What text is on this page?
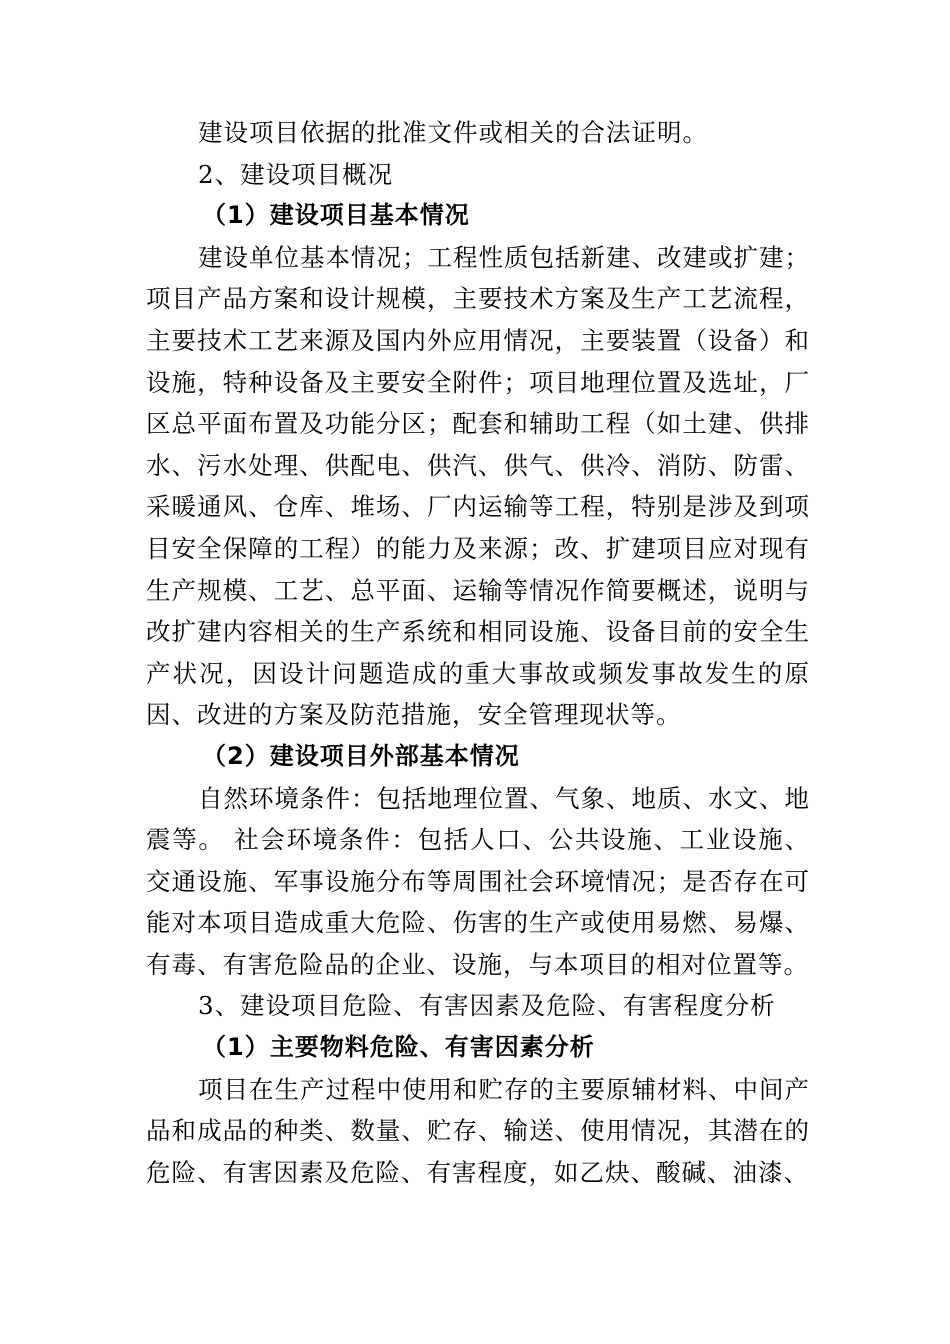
建设项目依据的批准文件或相关的合法证明。

2、建设项目概况

（1）建设项目基本情况

建设单位基本情况；工程性质包括新建、改建或扩建；项目产品方案和设计规模，主要技术方案及生产工艺流程，主要技术工艺来源及国内外应用情况，主要装置（设备）和设施，特种设备及主要安全附件；项目地理位置及选址，厂区总平面布置及功能分区；配套和辅助工程（如土建、供排水、污水处理、供配电、供汽、供气、供冷、消防、防雷、采暖通风、仓库、堆场、厂内运输等工程，特别是涉及到项目安全保障的工程）的能力及来源；改、扩建项目应对现有生产规模、工艺、总平面、运输等情况作简要概述，说明与改扩建内容相关的生产系统和相同设施、设备目前的安全生产状况，因设计问题造成的重大事故或频发事故发生的原因、改进的方案及防范措施，安全管理现状等。

（2）建设项目外部基本情况

自然环境条件：包括地理位置、气象、地质、水文、地震等。 社会环境条件：包括人口、公共设施、工业设施、交通设施、军事设施分布等周围社会环境情况；是否存在可能对本项目造成重大危险、伤害的生产或使用易燃、易爆、有毒、有害危险品的企业、设施，与本项目的相对位置等。

3、建设项目危险、有害因素及危险、有害程度分析

（1）主要物料危险、有害因素分析

项目在生产过程中使用和贮存的主要原辅材料、中间产品和成品的种类、数量、贮存、输送、使用情况，其潜在的危险、有害因素及危险、有害程度，如乙炔、酸碱、油漆、
